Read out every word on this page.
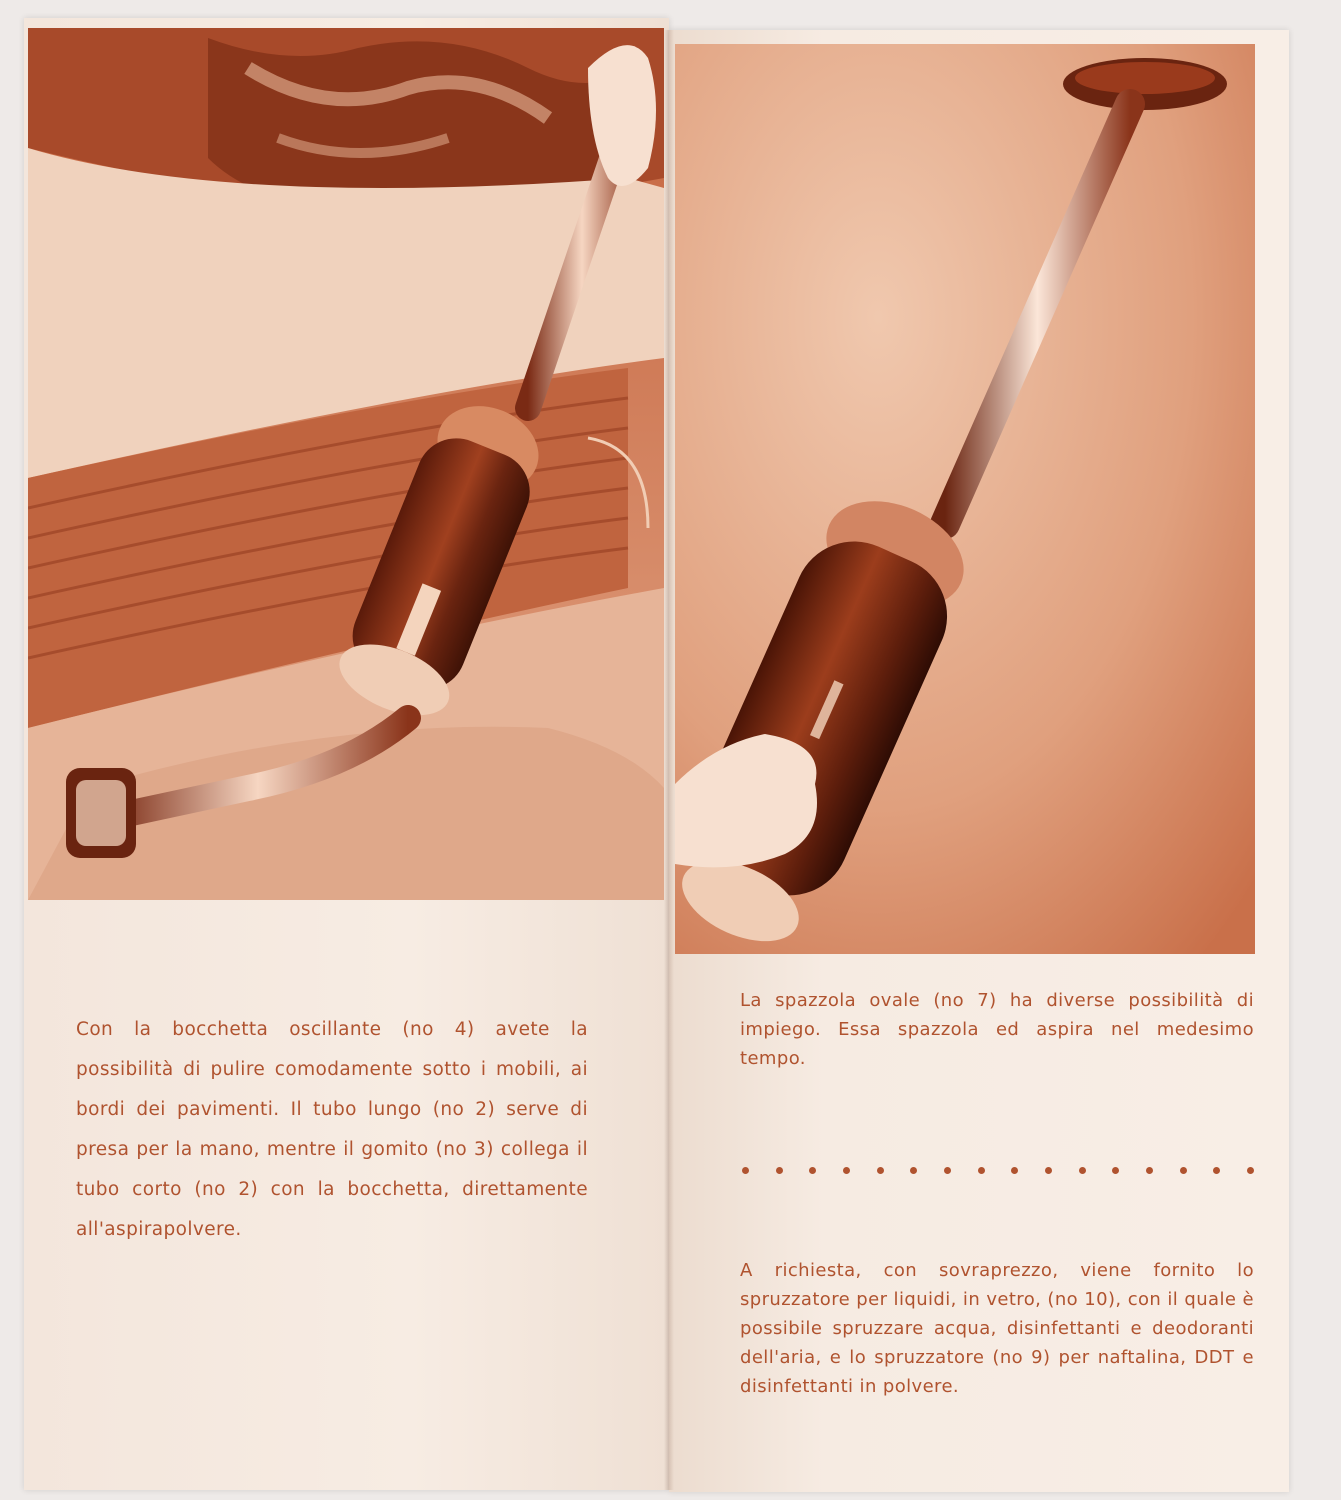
Con la bocchetta oscillante (no 4) avete la possibilità di pulire comodamente sotto i mobili, ai bordi dei pavimenti. Il tubo lungo (no 2) serve di presa per la mano, mentre il gomito (no 3) collega il tubo corto (no 2) con la bocchetta, direttamente all'aspirapolvere.
La spazzola ovale (no 7) ha diverse possibilità di impiego. Essa spazzola ed aspira nel medesimo tempo.
A richiesta, con sovraprezzo, viene fornito lo spruzzatore per liquidi, in vetro, (no 10), con il quale è possibile spruzzare acqua, disinfettanti e deodoranti dell'aria, e lo spruzzatore (no 9) per naftalina, DDT e disinfettanti in polvere.
